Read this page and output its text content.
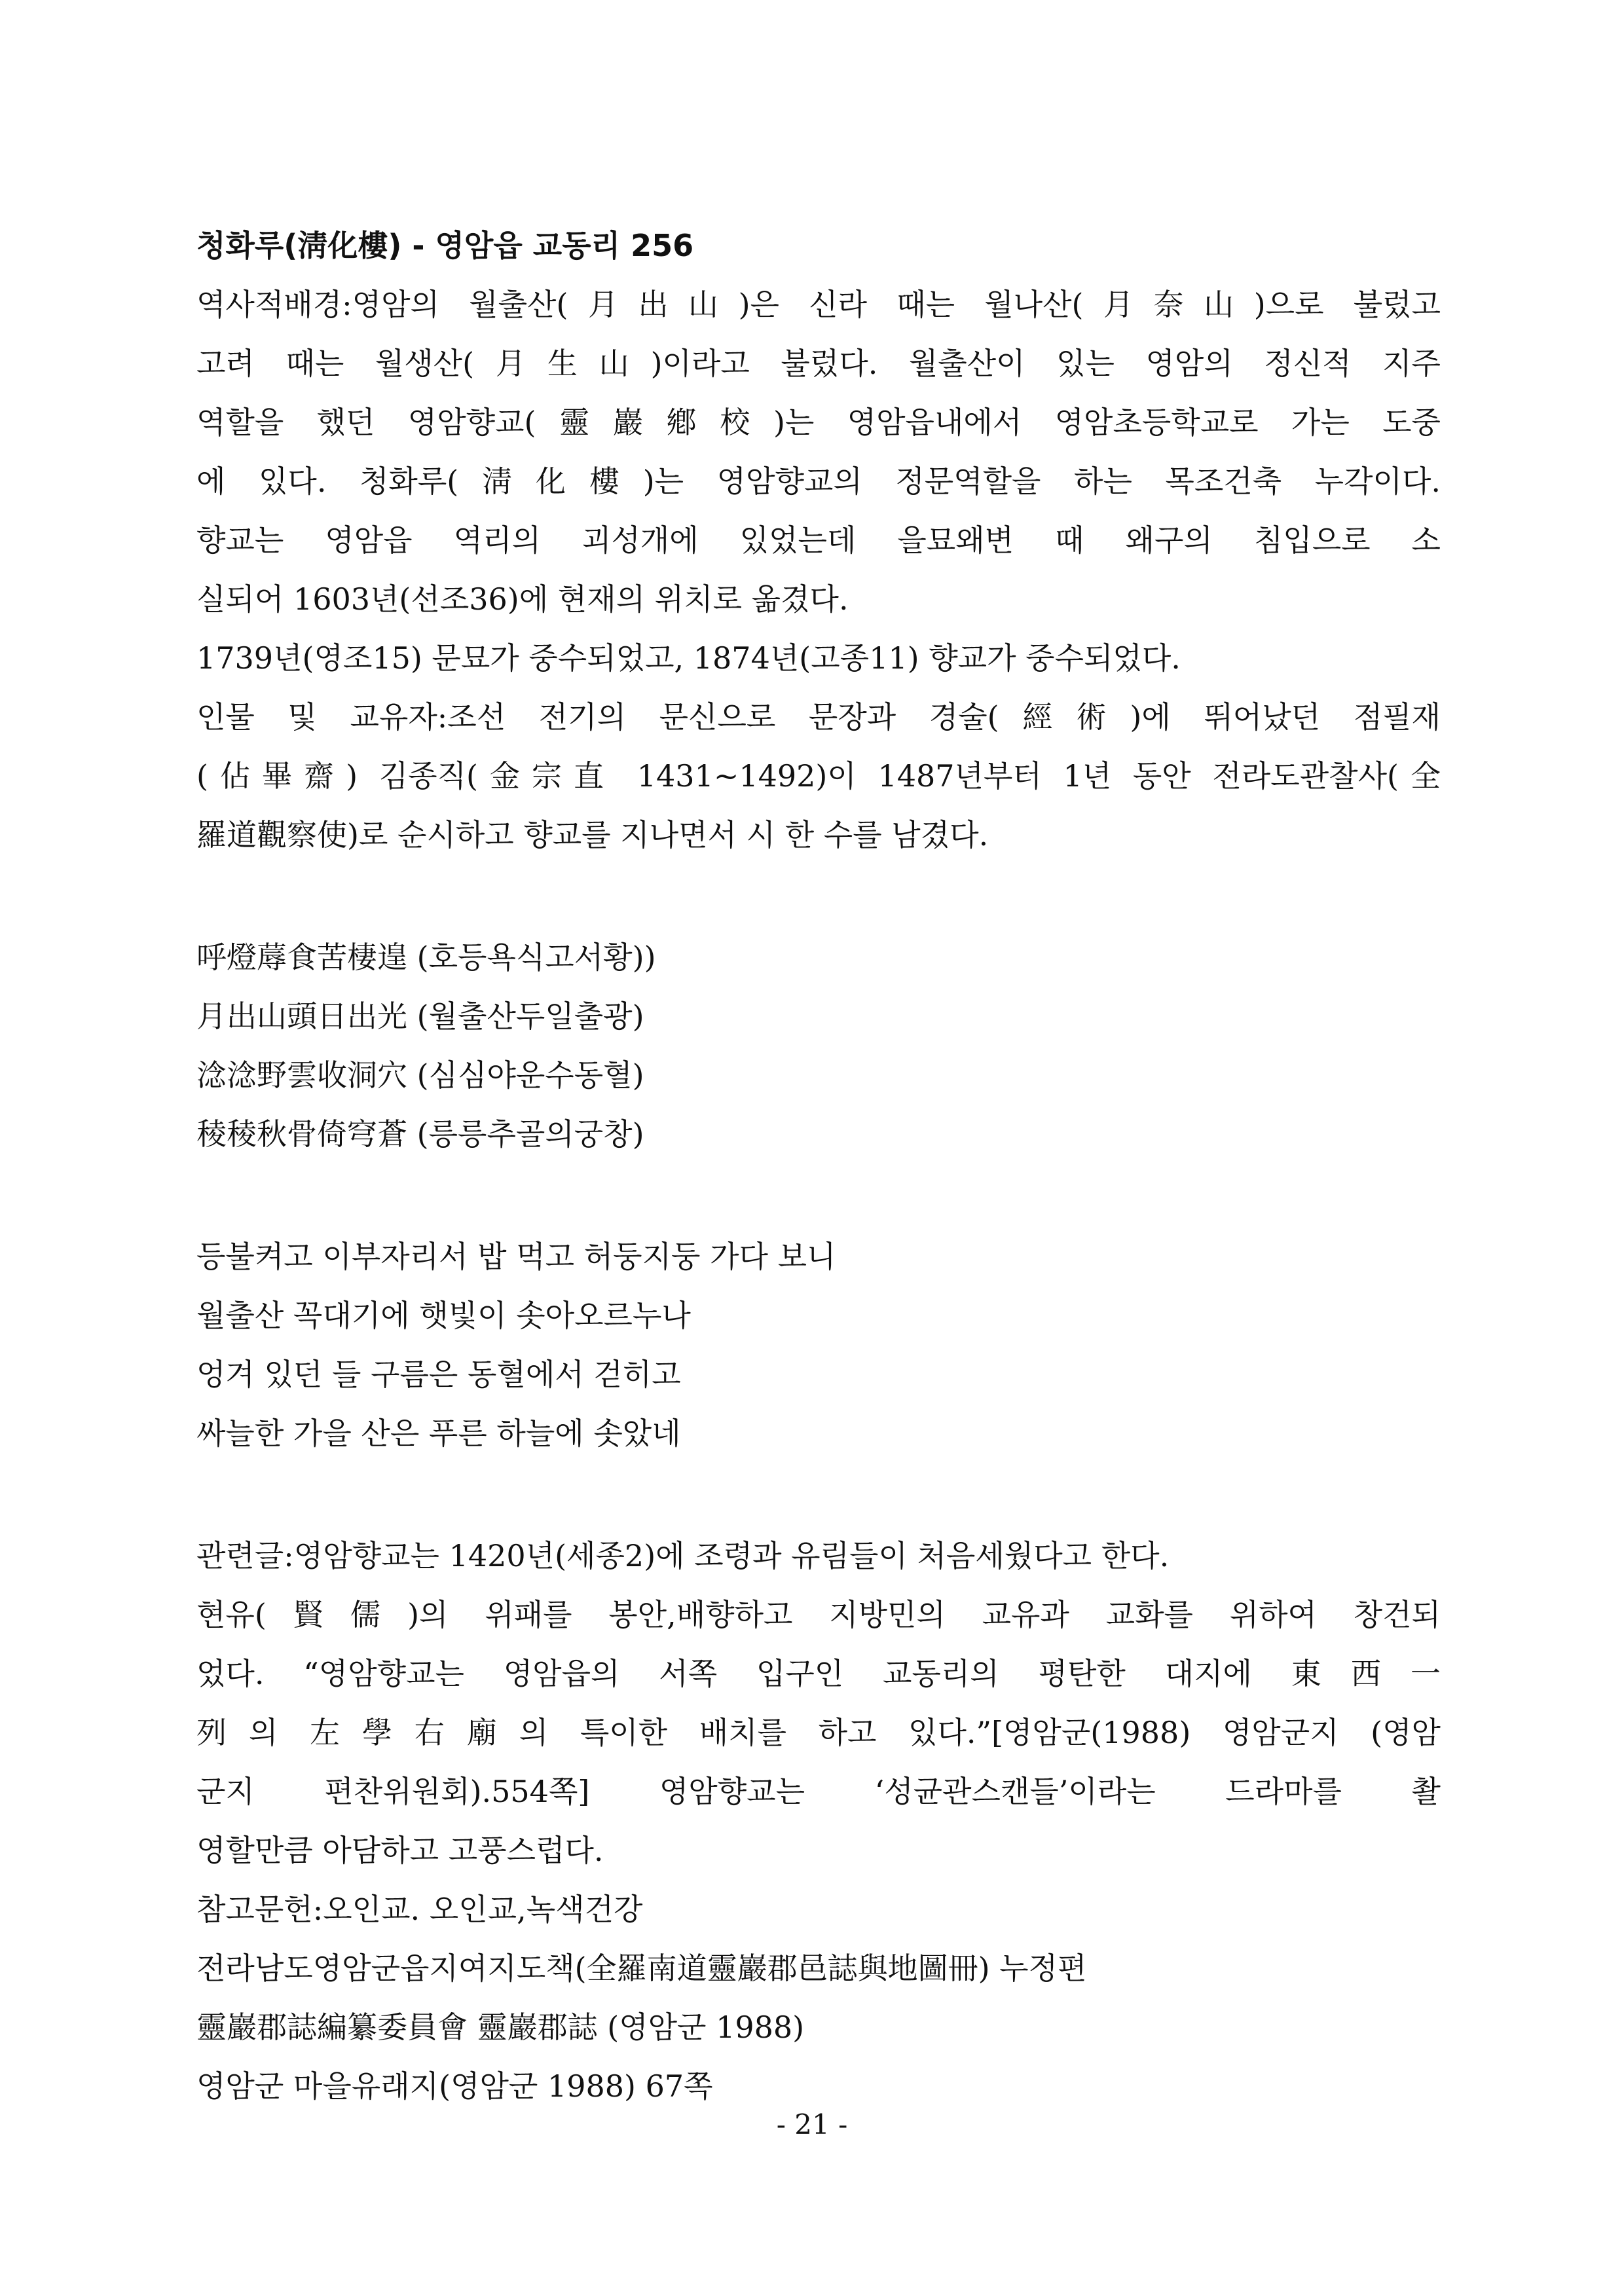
청화루(淸化樓) - 영암읍 교동리 256
역사적배경:영암의 월출산(月出山)은 신라 때는 월나산(月奈山)으로 불렀고
고려 때는 월생산(月生山)이라고 불렀다. 월출산이 있는 영암의 정신적 지주
역할을 했던 영암향교(靈巖鄕校)는 영암읍내에서 영암초등학교로 가는 도중
에 있다. 청화루(淸化樓)는 영암향교의 정문역할을 하는 목조건축 누각이다.
향교는 영암읍 역리의 괴성개에 있었는데 을묘왜변 때 왜구의 침입으로 소
실되어 1603년(선조36)에 현재의 위치로 옮겼다.
1739년(영조15) 문묘가 중수되었고, 1874년(고종11) 향교가 중수되었다.
인물 및 교유자:조선 전기의 문신으로 문장과 경술(經術)에 뛰어났던 점필재
(佔畢齋) 김종직(金宗直 1431~1492)이 1487년부터 1년 동안 전라도관찰사(全
羅道觀察使)로 순시하고 향교를 지나면서 시 한 수를 남겼다.
呼燈蓐食苦棲遑 (호등욕식고서황))
月出山頭日出光 (월출산두일출광)
淰淰野雲收洞穴 (심심야운수동혈)
稜稜秋骨倚穹蒼 (릉릉추골의궁창)
등불켜고 이부자리서 밥 먹고 허둥지둥 가다 보니
월출산 꼭대기에 햇빛이 솟아오르누나
엉겨 있던 들 구름은 동혈에서 걷히고
싸늘한 가을 산은 푸른 하늘에 솟았네
관련글:영암향교는 1420년(세종2)에 조령과 유림들이 처음세웠다고 한다.
현유(賢儒)의 위패를 봉안,배향하고 지방민의 교유과 교화를 위하여 창건되
었다. “영암향교는 영암읍의 서쪽 입구인 교동리의 평탄한 대지에 東西一
列의 左學右廟의 특이한 배치를 하고 있다.”[영암군(1988) 영암군지 (영암
군지 편찬위원회).554쪽] 영암향교는 ‘성균관스캔들’이라는 드라마를 촬
영할만큼 아담하고 고풍스럽다.
참고문헌:오인교. 오인교,녹색건강
전라남도영암군읍지여지도책(全羅南道靈巖郡邑誌與地圖冊) 누정편
靈巖郡誌編纂委員會 靈巖郡誌 (영암군 1988)
영암군 마을유래지(영암군 1988) 67쪽
- 21 -
